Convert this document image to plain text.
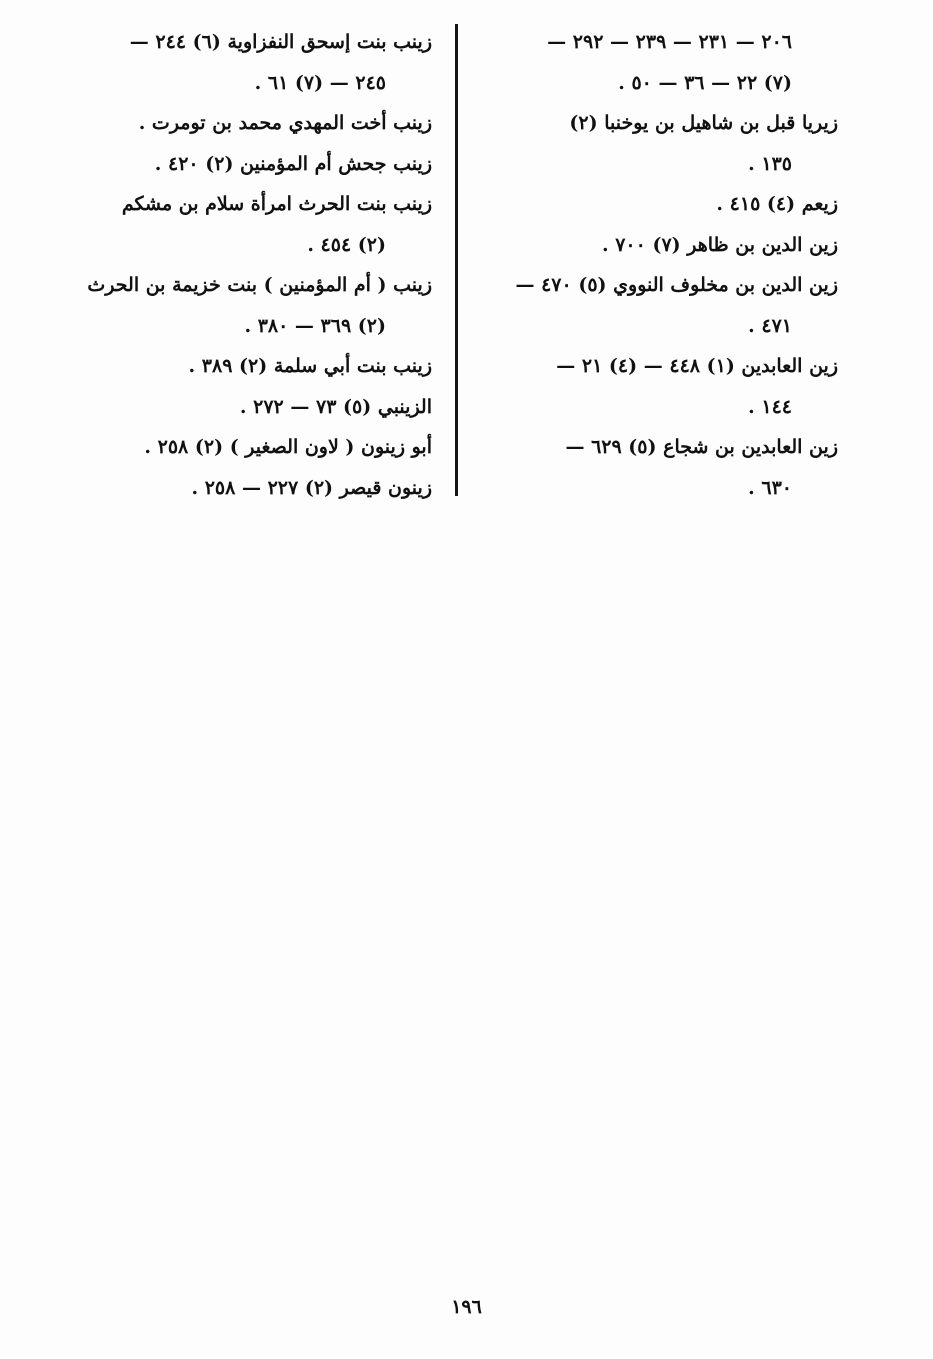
٢٠٦ — ٢٣١ — ٢٣٩ — ٢٩٢ —
(٧) ٢٢ — ٣٦ — ٥٠ .
زيريا قبل بن شاهيل بن يوخنبا (٢)
١٣٥ .
زيعم (٤) ٤١٥ .
زين الدين بن ظاهر (٧) ٧٠٠ .
زين الدين بن مخلوف النووي (٥) ٤٧٠ —
٤٧١ .
زين العابدين (١) ٤٤٨ — (٤) ٢١ —
١٤٤ .
زين العابدين بن شجاع (٥) ٦٢٩ —
٦٣٠ .
زينب بنت إسحق النفزاوية (٦) ٢٤٤ —
٢٤٥ — (٧) ٦١ .
زينب أخت المهدي محمد بن تومرت .
زينب جحش أم المؤمنين (٢) ٤٢٠ .
زينب بنت الحرث امرأة سلام بن مشكم
(٢) ٤٥٤ .
زينب ( أم المؤمنين ) بنت خزيمة بن الحرث
(٢) ٣٦٩ — ٣٨٠ .
زينب بنت أبي سلمة (٢) ٣٨٩ .
الزينبي (٥) ٧٣ — ٢٧٢ .
أبو زينون ( لاون الصغير ) (٢) ٢٥٨ .
زينون قيصر (٢) ٢٢٧ — ٢٥٨ .
١٩٦
